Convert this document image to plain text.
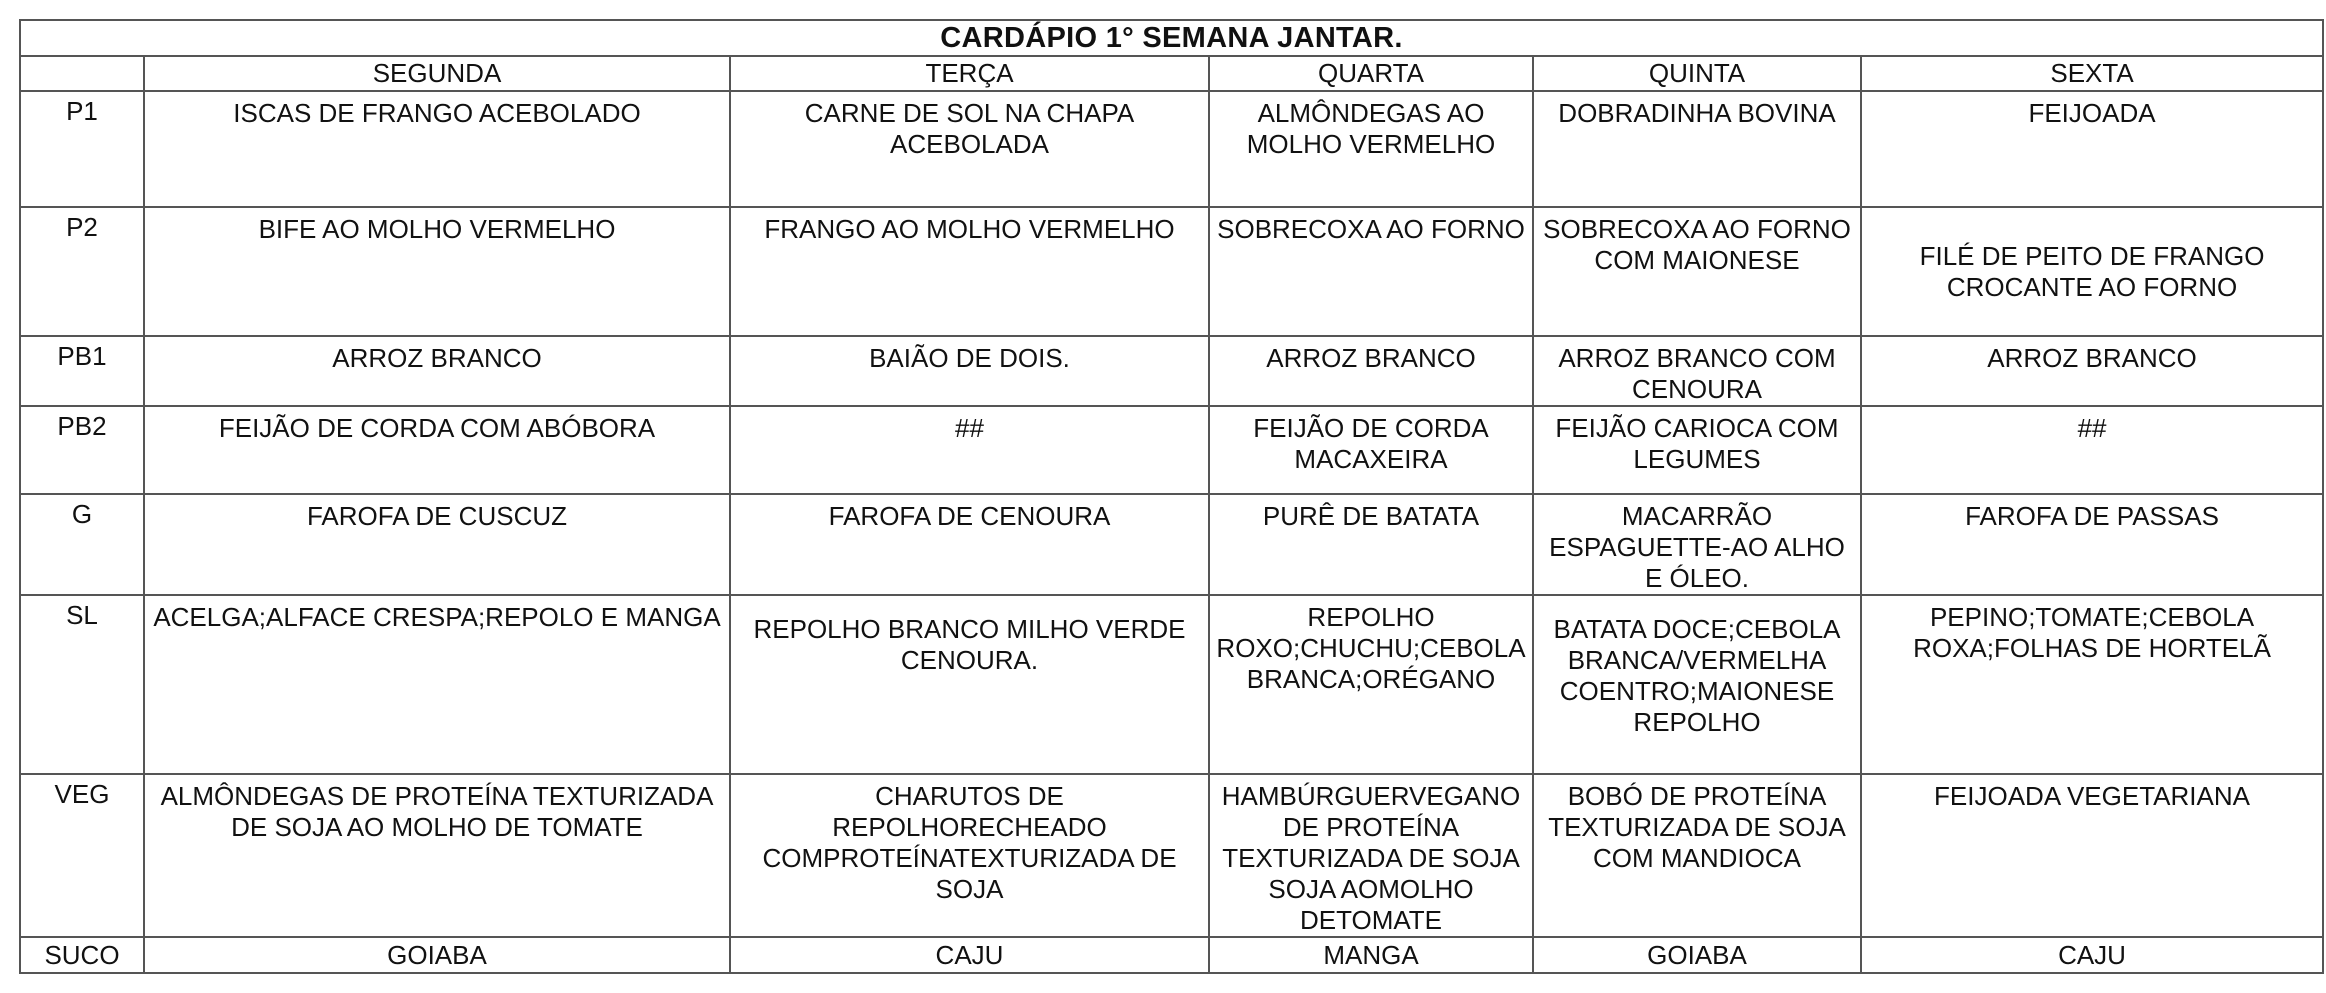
CARDÁPIO 1° SEMANA JANTAR.					
	SEGUNDA	TERÇA	QUARTA	QUINTA	SEXTA
P1	ISCAS DE FRANGO ACEBOLADO	CARNE DE SOL NA CHAPA ACEBOLADA	ALMÔNDEGAS AO MOLHO VERMELHO	DOBRADINHA BOVINA	FEIJOADA
P2	BIFE AO MOLHO VERMELHO	FRANGO AO MOLHO VERMELHO	SOBRECOXA AO FORNO	SOBRECOXA AO FORNO COM MAIONESE	FILÉ DE PEITO DE FRANGO CROCANTE AO FORNO
PB1	ARROZ BRANCO	BAIÃO DE DOIS.	ARROZ BRANCO	ARROZ BRANCO COM CENOURA	ARROZ BRANCO
PB2	FEIJÃO DE CORDA COM ABÓBORA	##	FEIJÃO DE CORDA MACAXEIRA	FEIJÃO CARIOCA COM LEGUMES	##
G	FAROFA DE CUSCUZ	FAROFA DE CENOURA	PURÊ DE BATATA	MACARRÃO ESPAGUETTE-AO ALHO E ÓLEO.	FAROFA DE PASSAS
SL	ACELGA;ALFACE CRESPA;REPOLO E MANGA	REPOLHO BRANCO MILHO VERDE CENOURA.	REPOLHO ROXO;CHUCHU;CEBOLA BRANCA;ORÉGANO	BATATA DOCE;CEBOLA BRANCA/VERMELHA COENTRO;MAIONESE REPOLHO	PEPINO;TOMATE;CEBOLA ROXA;FOLHAS DE HORTELÃ
VEG	ALMÔNDEGAS DE PROTEÍNA TEXTURIZADA DE SOJA AO MOLHO DE TOMATE	CHARUTOS DE REPOLHORECHEADO COMPROTEÍNATEXTURIZADA DE SOJA	HAMBÚRGUERVEGANO DE PROTEÍNA TEXTURIZADA DE SOJA SOJA AOMOLHO DETOMATE	BOBÓ DE PROTEÍNA TEXTURIZADA DE SOJA COM MANDIOCA	FEIJOADA VEGETARIANA
SUCO	GOIABA	CAJU	MANGA	GOIABA	CAJU
